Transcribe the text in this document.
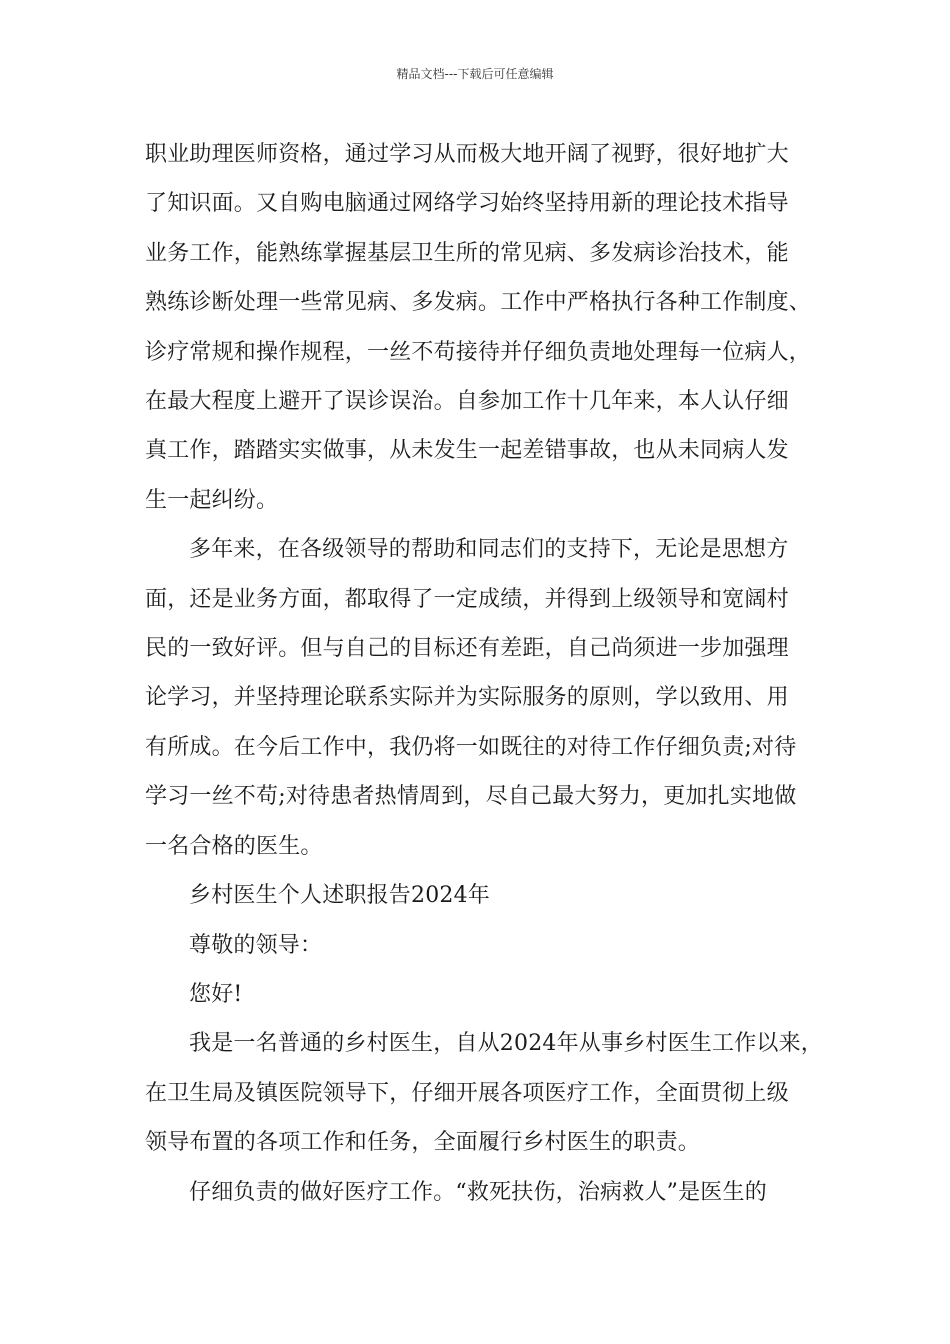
精品文档---下载后可任意编辑

职业助理医师资格，通过学习从而极大地开阔了视野，很好地扩大
了知识面。又自购电脑通过网络学习始终坚持用新的理论技术指导
业务工作，能熟练掌握基层卫生所的常见病、多发病诊治技术，能
熟练诊断处理一些常见病、多发病。工作中严格执行各种工作制度、
诊疗常规和操作规程，一丝不苟接待并仔细负责地处理每一位病人，
在最大程度上避开了误诊误治。自参加工作十几年来，本人认仔细
真工作，踏踏实实做事，从未发生一起差错事故，也从未同病人发
生一起纠纷。

多年来，在各级领导的帮助和同志们的支持下，无论是思想方
面，还是业务方面，都取得了一定成绩，并得到上级领导和宽阔村
民的一致好评。但与自己的目标还有差距，自己尚须进一步加强理
论学习，并坚持理论联系实际并为实际服务的原则，学以致用、用
有所成。在今后工作中，我仍将一如既往的对待工作仔细负责;对待
学习一丝不苟;对待患者热情周到，尽自己最大努力，更加扎实地做
一名合格的医生。

乡村医生个人述职报告2024年

尊敬的领导：

您好!

我是一名普通的乡村医生，自从2024年从事乡村医生工作以来，
在卫生局及镇医院领导下，仔细开展各项医疗工作，全面贯彻上级
领导布置的各项工作和任务，全面履行乡村医生的职责。

仔细负责的做好医疗工作。“救死扶伤，治病救人”是医生的
